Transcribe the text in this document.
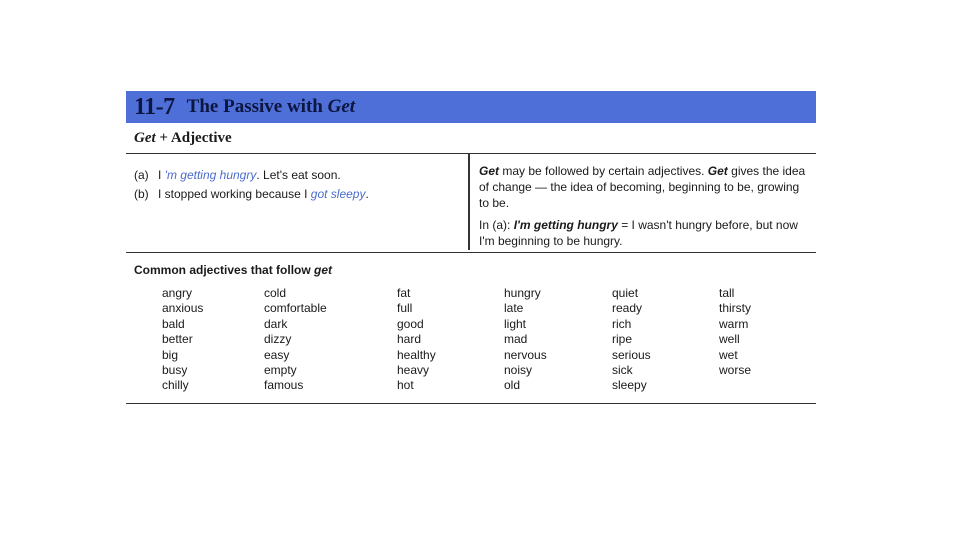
11-7 The Passive with Get
Get + Adjective
(a) I 'm getting hungry. Let's eat soon.
(b) I stopped working because I got sleepy.

Get may be followed by certain adjectives. Get gives the idea of change — the idea of becoming, beginning to be, growing to be.

In (a): I'm getting hungry = I wasn't hungry before, but now I'm beginning to be hungry.

Common adjectives that follow get
angry
anxious
bald
better
big
busy
chilly
cold
comfortable
dark
dizzy
easy
empty
famous
fat
full
good
hard
healthy
heavy
hot
hungry
late
light
mad
nervous
noisy
old
quiet
ready
rich
ripe
serious
sick
sleepy
tall
thirsty
warm
well
wet
worse
